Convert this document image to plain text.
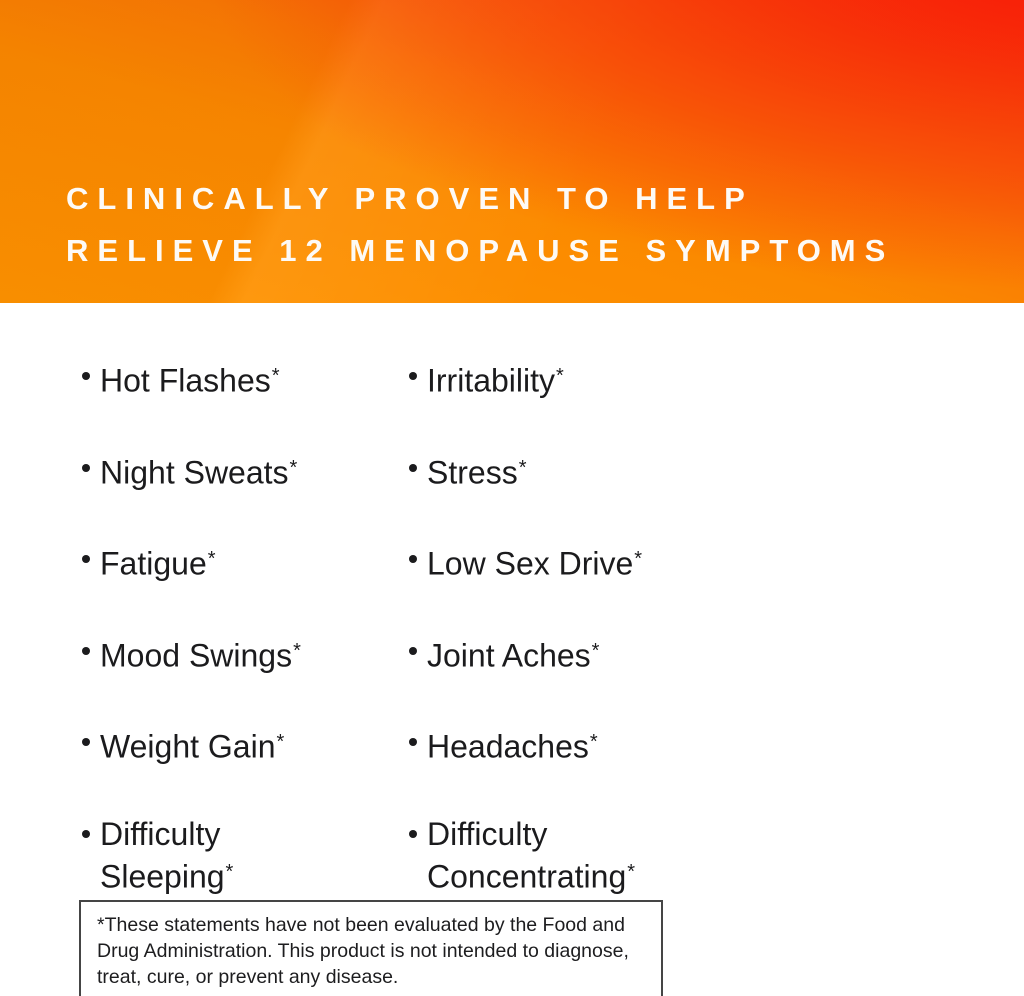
CLINICALLY PROVEN TO HELP
RELIEVE 12 MENOPAUSE SYMPTOMS
Hot Flashes*
Night Sweats*
Fatigue*
Mood Swings*
Weight Gain*
Difficulty
Sleeping*
Irritability*
Stress*
Low Sex Drive*
Joint Aches*
Headaches*
Difficulty
Concentrating*
*These statements have not been evaluated by the Food and
Drug Administration. This product is not intended to diagnose,
treat, cure, or prevent any disease.
